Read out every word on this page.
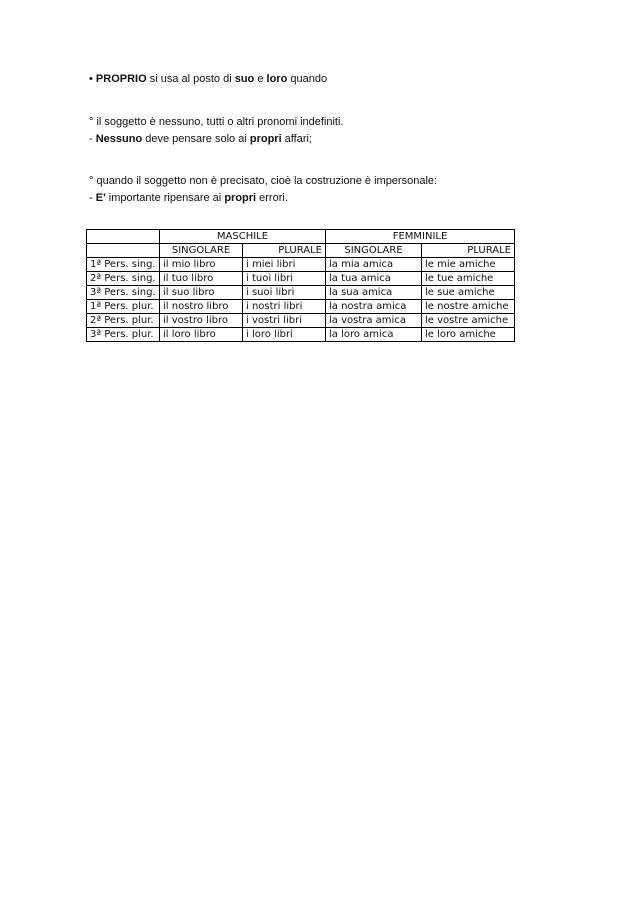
• PROPRIO si usa al posto di suo e loro quando
° il soggetto è nessuno, tutti o altri pronomi indefiniti.
- Nessuno deve pensare solo ai propri affari;
° quando il soggetto non è precisato, cioè la costruzione è impersonale:
- E' importante ripensare ai propri errori.
	MASCHILE		FEMMINILE	
	SINGOLARE	PLURALE	SINGOLARE	PLURALE
1ª Pers. sing.	il mio libro	i miei libri	la mia amica	le mie amiche
2ª Pers. sing.	il tuo libro	i tuoi libri	la tua amica	le tue amiche
3ª Pers. sing.	il suo libro	i suoi libri	la sua amica	le sue amiche
1ª Pers. plur.	il nostro libro	i nostri libri	la nostra amica	le nostre amiche
2ª Pers. plur.	il vostro libro	i vostri libri	la vostra amica	le vostre amiche
3ª Pers. plur.	il loro libro	i loro libri	la loro amica	le loro amiche
